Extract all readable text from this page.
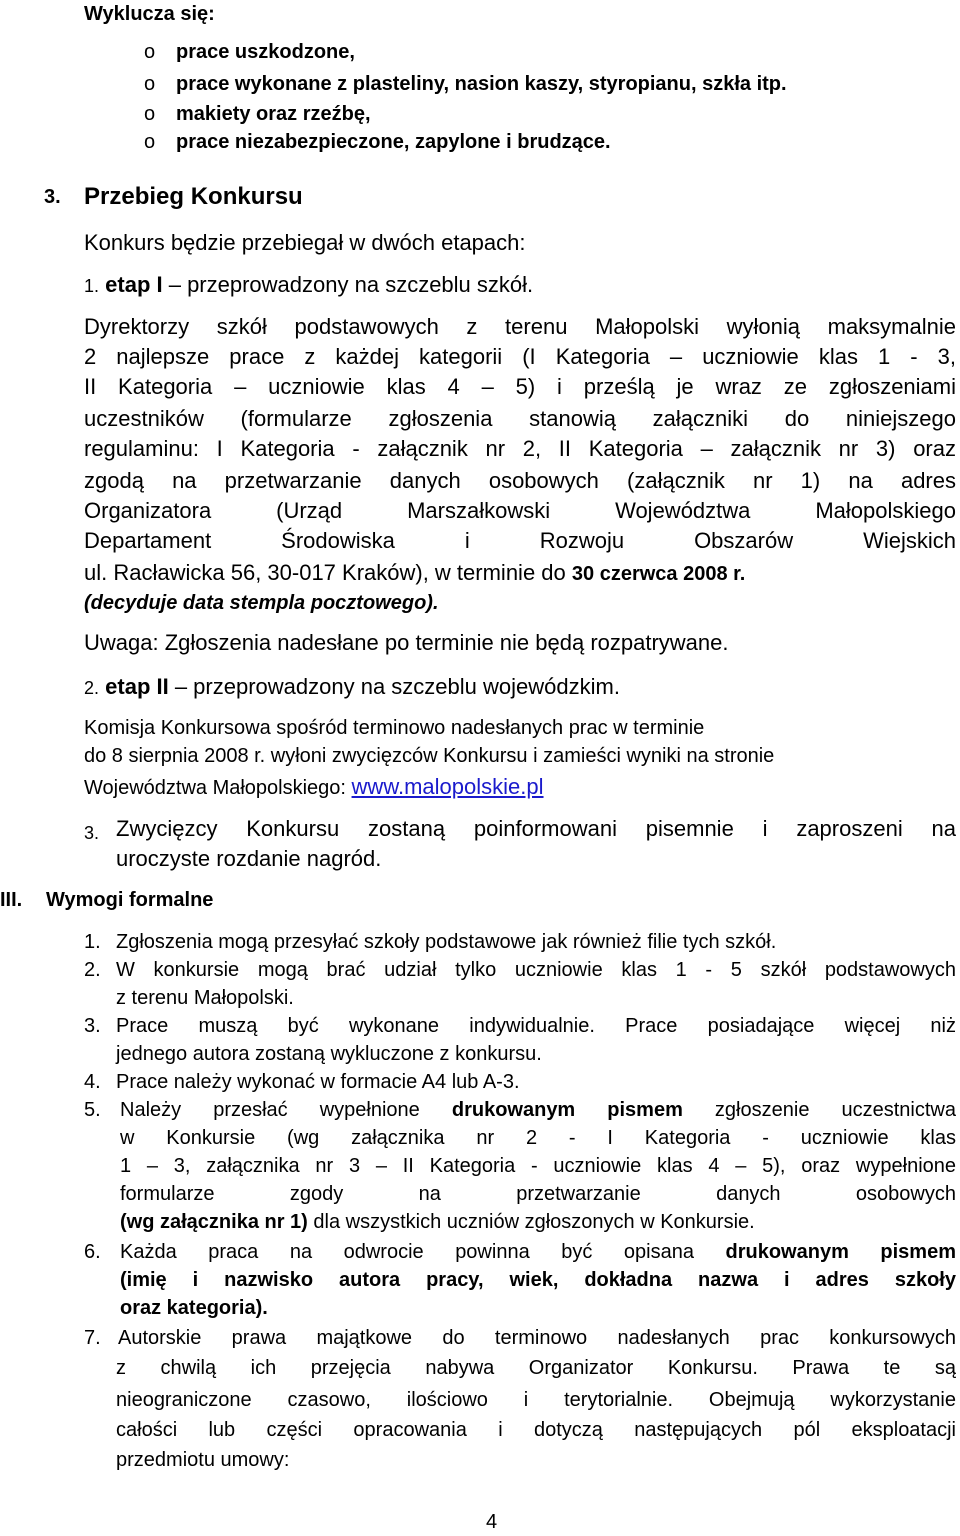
Wyklucza się:
o prace uszkodzone,
o prace wykonane z plasteliny, nasion kaszy, styropianu, szkła itp.
o makiety oraz rzeźbę,
o prace niezabezpieczone, zapylone i brudzące.
3. Przebieg Konkursu
Konkurs będzie przebiegał w dwóch etapach:
1. etap I – przeprowadzony na szczeblu szkół.
Dyrektorzy szkół podstawowych z terenu Małopolski wyłonią maksymalnie
2 najlepsze prace z każdej kategorii (I Kategoria – uczniowie klas 1 - 3,
II Kategoria – uczniowie klas 4 – 5) i prześlą je wraz ze zgłoszeniami
uczestników (formularze zgłoszenia stanowią załączniki do niniejszego
regulaminu: I Kategoria - załącznik nr 2, II Kategoria – załącznik nr 3) oraz
zgodą na przetwarzanie danych osobowych (załącznik nr 1) na adres
Organizatora (Urząd Marszałkowski Województwa Małopolskiego
Departament Środowiska i Rozwoju Obszarów Wiejskich
ul. Racławicka 56, 30-017 Kraków), w terminie do 30 czerwca 2008 r.
(decyduje data stempla pocztowego).
Uwaga: Zgłoszenia nadesłane po terminie nie będą rozpatrywane.
2. etap II – przeprowadzony na szczeblu wojewódzkim.
Komisja Konkursowa spośród terminowo nadesłanych prac w terminie
do 8 sierpnia 2008 r. wyłoni zwycięzców Konkursu i zamieści wyniki na stronie
Województwa Małopolskiego: www.malopolskie.pl
3. Zwycięzcy Konkursu zostaną poinformowani pisemnie i zaproszeni na
uroczyste rozdanie nagród.
III. Wymogi formalne
1. Zgłoszenia mogą przesyłać szkoły podstawowe jak również filie tych szkół.
2. W konkursie mogą brać udział tylko uczniowie klas 1 - 5 szkół podstawowych
z terenu Małopolski.
3. Prace muszą być wykonane indywidualnie. Prace posiadające więcej niż
jednego autora zostaną wykluczone z konkursu.
4. Prace należy wykonać w formacie A4 lub A-3.
5. Należy przesłać wypełnione drukowanym pismem zgłoszenie uczestnictwa
w Konkursie (wg załącznika nr 2 - I Kategoria - uczniowie klas
1 – 3, załącznika nr 3 – II Kategoria - uczniowie klas 4 – 5), oraz wypełnione
formularze zgody na przetwarzanie danych osobowych
(wg załącznika nr 1) dla wszystkich uczniów zgłoszonych w Konkursie.
6. Każda praca na odwrocie powinna być opisana drukowanym pismem
(imię i nazwisko autora pracy, wiek, dokładna nazwa i adres szkoły
oraz kategoria).
7. Autorskie prawa majątkowe do terminowo nadesłanych prac konkursowych
z chwilą ich przejęcia nabywa Organizator Konkursu. Prawa te są
nieograniczone czasowo, ilościowo i terytorialnie. Obejmują wykorzystanie
całości lub części opracowania i dotyczą następujących pól eksploatacji
przedmiotu umowy:
4
